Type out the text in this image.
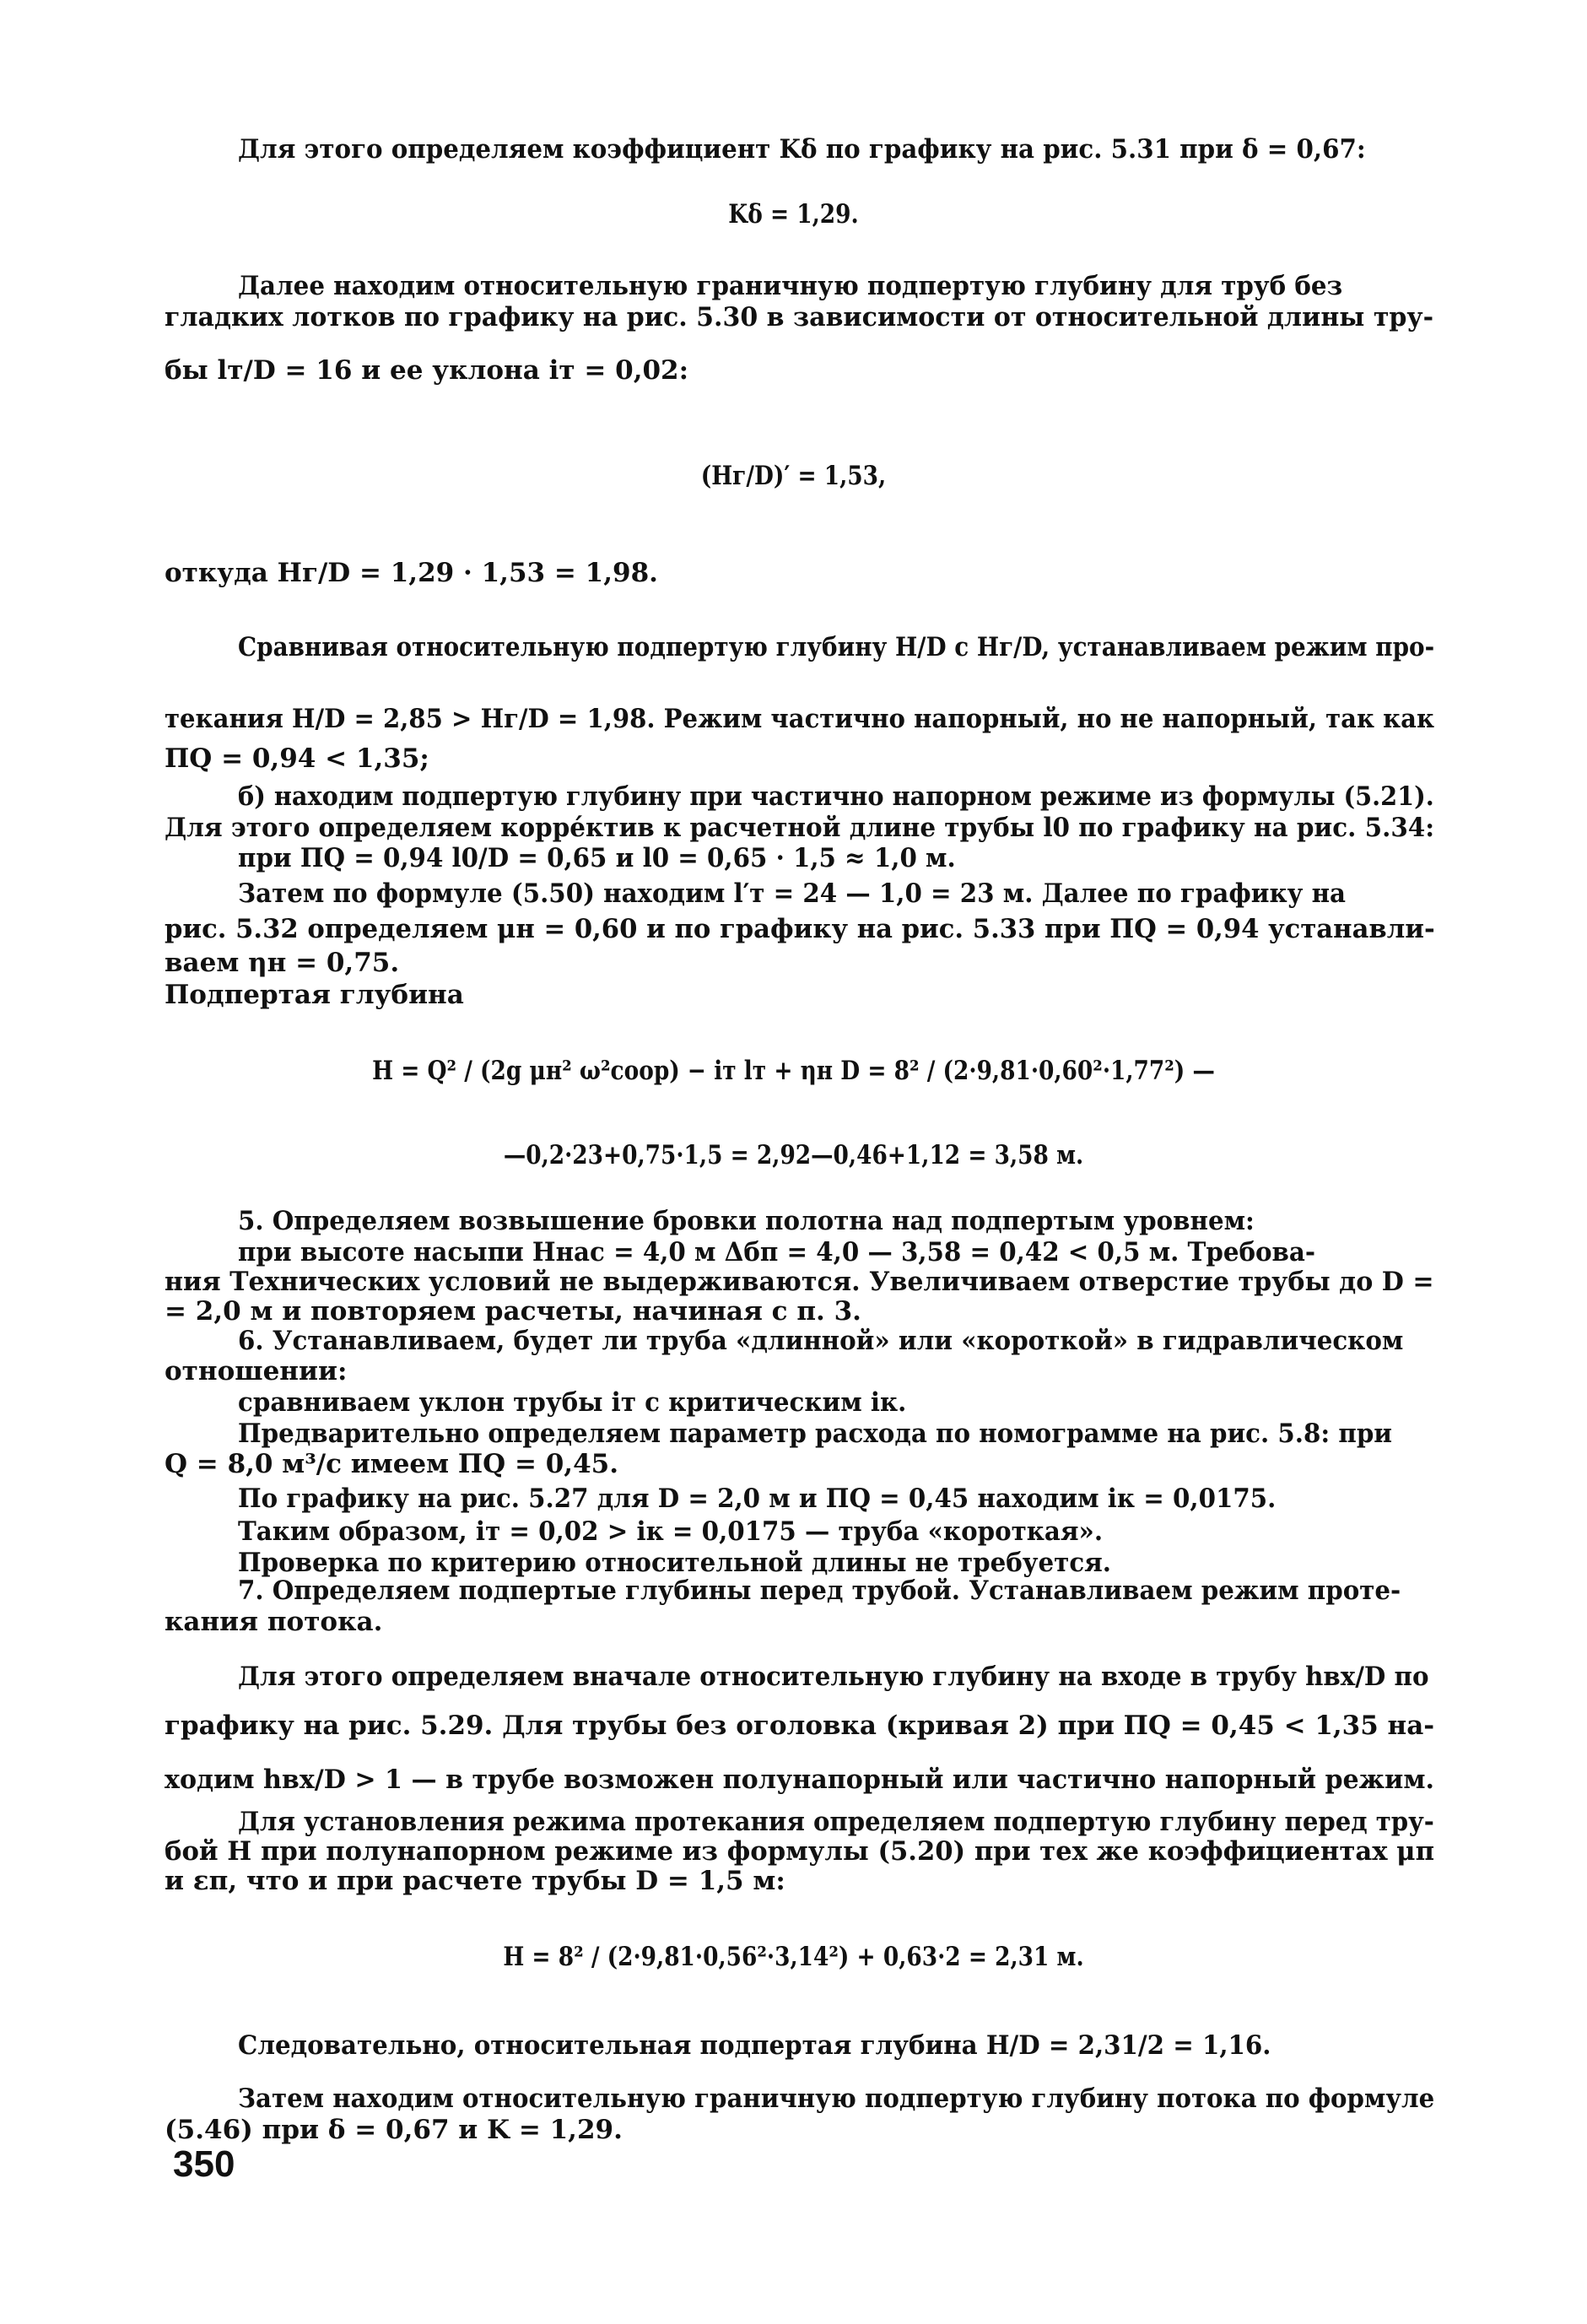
Для этого определяем коэффициент Kδ по графику на рис. 5.31 при δ = 0,67:
Kδ = 1,29.
Далее находим относительную граничную подпертую глубину для труб без
гладких лотков по графику на рис. 5.30 в зависимости от относительной длины тру-
бы lт/D = 16 и ее уклона iт = 0,02:
(Hг/D)′ = 1,53,
откуда Hг/D = 1,29 · 1,53 = 1,98.
Сравнивая относительную подпертую глубину H/D с Hг/D, устанавливаем режим про-
текания H/D = 2,85 > Hг/D = 1,98. Режим частично напорный, но не напорный, так как
ΠQ = 0,94 < 1,35;
б) находим подпертую глубину при частично напорном режиме из формулы (5.21).
Для этого определяем коррéктив к расчетной длине трубы l0 по графику на рис. 5.34:
при ΠQ = 0,94 l0/D = 0,65 и l0 = 0,65 · 1,5 ≈ 1,0 м.
Затем по формуле (5.50) находим l′т = 24 — 1,0 = 23 м. Далее по графику на
рис. 5.32 определяем μн = 0,60 и по графику на рис. 5.33 при ΠQ = 0,94 устанавли-
ваем ηн = 0,75.
Подпертая глубина
H = Q² / (2g μн² ω²соор) − iт lт + ηн D = 8² / (2·9,81·0,60²·1,77²) —
—0,2·23+0,75·1,5 = 2,92—0,46+1,12 = 3,58 м.
5. Определяем возвышение бровки полотна над подпертым уровнем:
при высоте насыпи Hнас = 4,0 м Δбп = 4,0 — 3,58 = 0,42 < 0,5 м. Требова-
ния Технических условий не выдерживаются. Увеличиваем отверстие трубы до D =
= 2,0 м и повторяем расчеты, начиная с п. 3.
6. Устанавливаем, будет ли труба «длинной» или «короткой» в гидравлическом
отношении:
сравниваем уклон трубы iт с критическим iк.
Предварительно определяем параметр расхода по номограмме на рис. 5.8: при
Q = 8,0 м³/с имеем ΠQ = 0,45.
По графику на рис. 5.27 для D = 2,0 м и ΠQ = 0,45 находим iк = 0,0175.
Таким образом, iт = 0,02 > iк = 0,0175 — труба «короткая».
Проверка по критерию относительной длины не требуется.
7. Определяем подпертые глубины перед трубой. Устанавливаем режим проте-
кания потока.
Для этого определяем вначале относительную глубину на входе в трубу hвх/D по
графику на рис. 5.29. Для трубы без оголовка (кривая 2) при ΠQ = 0,45 < 1,35 на-
ходим hвх/D > 1 — в трубе возможен полунапорный или частично напорный режим.
Для установления режима протекания определяем подпертую глубину перед тру-
бой H при полунапорном режиме из формулы (5.20) при тех же коэффициентах μп
и εп, что и при расчете трубы D = 1,5 м:
H = 8² / (2·9,81·0,56²·3,14²) + 0,63·2 = 2,31 м.
Следовательно, относительная подпертая глубина H/D = 2,31/2 = 1,16.
Затем находим относительную граничную подпертую глубину потока по формуле
(5.46) при δ = 0,67 и K = 1,29.
350
